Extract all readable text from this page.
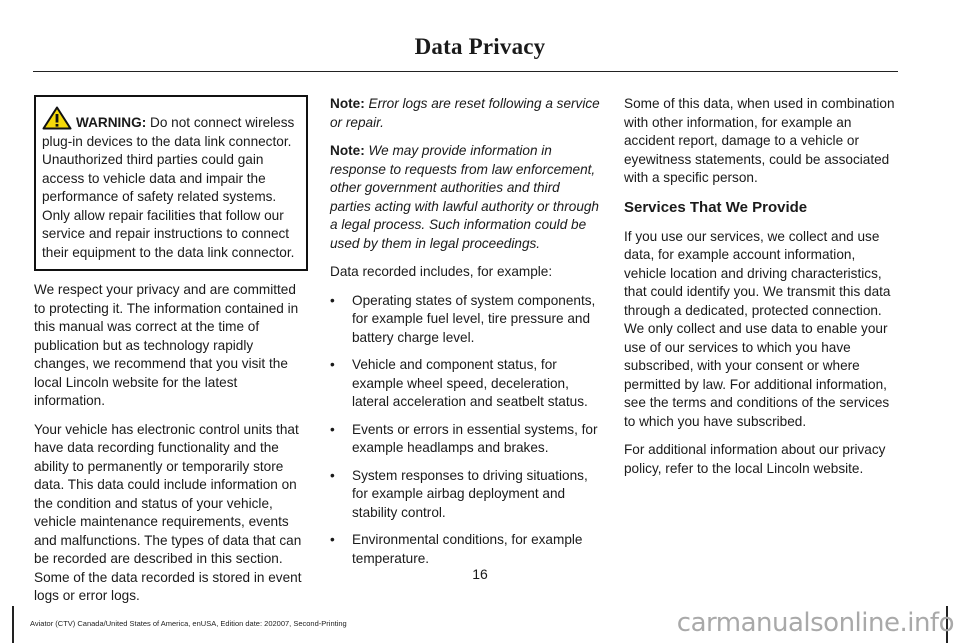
Data Privacy

WARNING: Do not connect wireless plug-in devices to the data link connector. Unauthorized third parties could gain access to vehicle data and impair the performance of safety related systems. Only allow repair facilities that follow our service and repair instructions to connect their equipment to the data link connector.

We respect your privacy and are committed to protecting it. The information contained in this manual was correct at the time of publication but as technology rapidly changes, we recommend that you visit the local Lincoln website for the latest information.

Your vehicle has electronic control units that have data recording functionality and the ability to permanently or temporarily store data. This data could include information on the condition and status of your vehicle, vehicle maintenance requirements, events and malfunctions. The types of data that can be recorded are described in this section. Some of the data recorded is stored in event logs or error logs.

Note: Error logs are reset following a service or repair.

Note: We may provide information in response to requests from law enforcement, other government authorities and third parties acting with lawful authority or through a legal process. Such information could be used by them in legal proceedings.

Data recorded includes, for example:

• Operating states of system components, for example fuel level, tire pressure and battery charge level.
• Vehicle and component status, for example wheel speed, deceleration, lateral acceleration and seatbelt status.
• Events or errors in essential systems, for example headlamps and brakes.
• System responses to driving situations, for example airbag deployment and stability control.
• Environmental conditions, for example temperature.

Some of this data, when used in combination with other information, for example an accident report, damage to a vehicle or eyewitness statements, could be associated with a specific person.

Services That We Provide

If you use our services, we collect and use data, for example account information, vehicle location and driving characteristics, that could identify you. We transmit this data through a dedicated, protected connection. We only collect and use data to enable your use of our services to which you have subscribed, with your consent or where permitted by law. For additional information, see the terms and conditions of the services to which you have subscribed.

For additional information about our privacy policy, refer to the local Lincoln website.

16
Aviator (CTV) Canada/United States of America, enUSA, Edition date: 202007, Second-Printing	carmanualsonline.info
